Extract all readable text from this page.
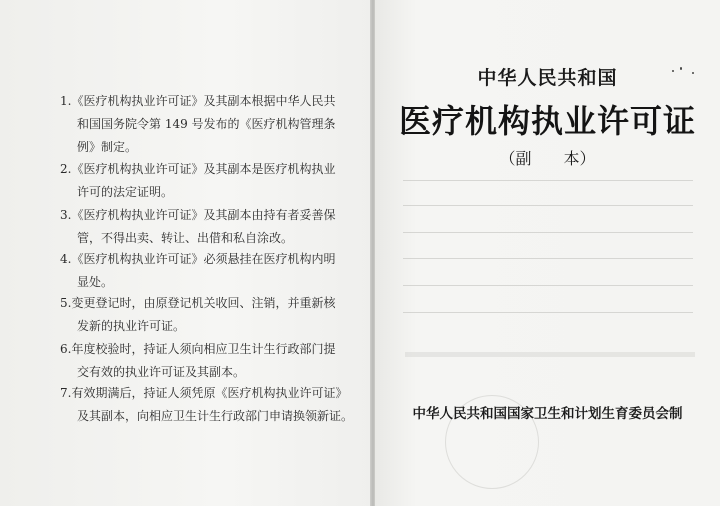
1.《医疗机构执业许可证》及其副本根据中华人民共
和国国务院令第 149 号发布的《医疗机构管理条
例》制定。
2.《医疗机构执业许可证》及其副本是医疗机构执业
许可的法定证明。
3.《医疗机构执业许可证》及其副本由持有者妥善保
管，不得出卖、转让、出借和私自涂改。
4.《医疗机构执业许可证》必须悬挂在医疗机构内明
显处。
5.变更登记时，由原登记机关收回、注销，并重新核
发新的执业许可证。
6.年度校验时，持证人须向相应卫生计生行政部门提
交有效的执业许可证及其副本。
7.有效期满后，持证人须凭原《医疗机构执业许可证》
及其副本，向相应卫生计生行政部门申请换领新证。
中华人民共和国
医疗机构执业许可证
（副　　本）
中华人民共和国国家卫生和计划生育委员会制
